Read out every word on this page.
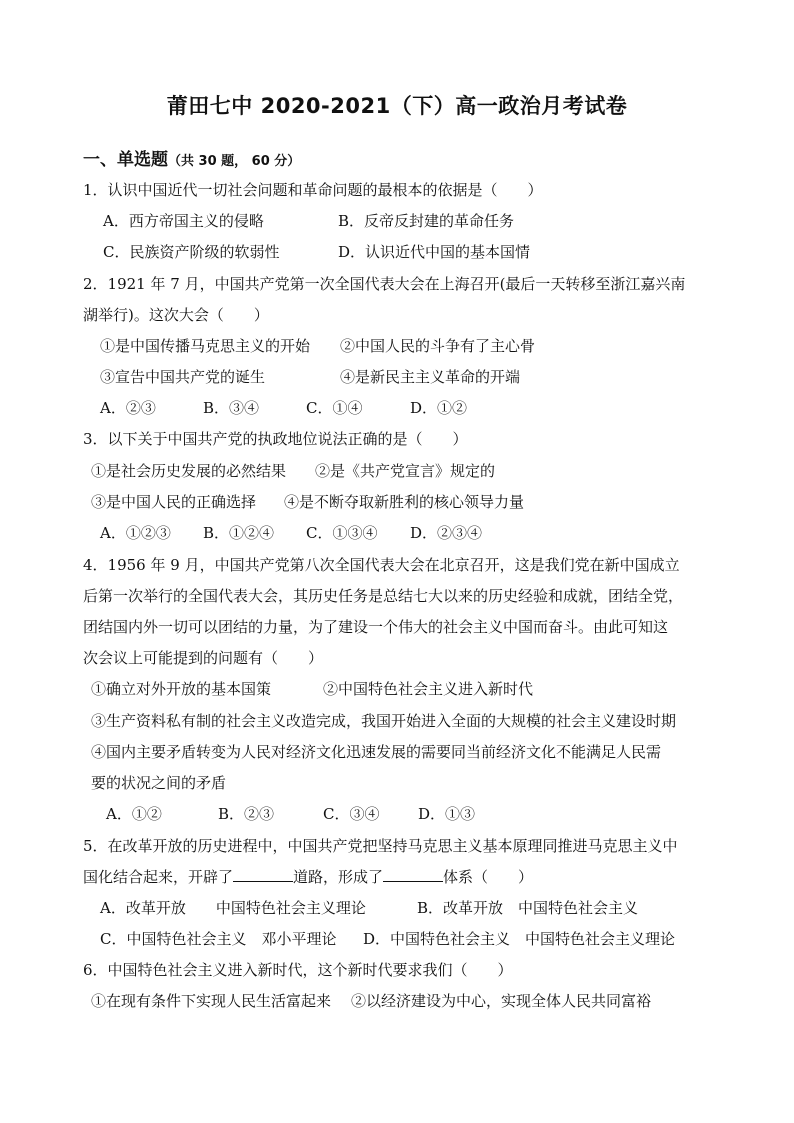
莆田七中 2020-2021（下）高一政治月考试卷
一、单选题（共 30 题， 60 分）
1．认识中国近代一切社会问题和革命问题的最根本的依据是（　　）
A．西方帝国主义的侵略	B．反帝反封建的革命任务
C．民族资产阶级的软弱性	D．认识近代中国的基本国情
2．1921 年 7 月，中国共产党第一次全国代表大会在上海召开(最后一天转移至浙江嘉兴南
湖举行)。这次大会（　　）
①是中国传播马克思主义的开始 ②中国人民的斗争有了主心骨
③宣告中国共产党的诞生	④是新民主主义革命的开端
A．②③	B．③④	C．①④	D．①②
3．以下关于中国共产党的执政地位说法正确的是（　　）
①是社会历史发展的必然结果 ②是《共产党宣言》规定的
③是中国人民的正确选择 ④是不断夺取新胜利的核心领导力量
A．①②③ B．①②④ C．①③④ D．②③④
4．1956 年 9 月，中国共产党第八次全国代表大会在北京召开，这是我们党在新中国成立
后第一次举行的全国代表大会，其历史任务是总结七大以来的历史经验和成就，团结全党，
团结国内外一切可以团结的力量，为了建设一个伟大的社会主义中国而奋斗。由此可知这
次会议上可能提到的问题有（　　）
①确立对外开放的基本国策	②中国特色社会主义进入新时代
③生产资料私有制的社会主义改造完成，我国开始进入全面的大规模的社会主义建设时期
④国内主要矛盾转变为人民对经济文化迅速发展的需要同当前经济文化不能满足人民需
要的状况之间的矛盾
A．①②	B．②③	C．③④	D．①③
5．在改革开放的历史进程中，中国共产党把坚持马克思主义基本原理同推进马克思主义中
国化结合起来，开辟了	道路，形成了	体系（　　）
A．改革开放　　中国特色社会主义理论	B．改革开放　中国特色社会主义
C．中国特色社会主义　邓小平理论 D．中国特色社会主义　中国特色社会主义理论
6．中国特色社会主义进入新时代，这个新时代要求我们（　　）
①在现有条件下实现人民生活富起来 ②以经济建设为中心，实现全体人民共同富裕
